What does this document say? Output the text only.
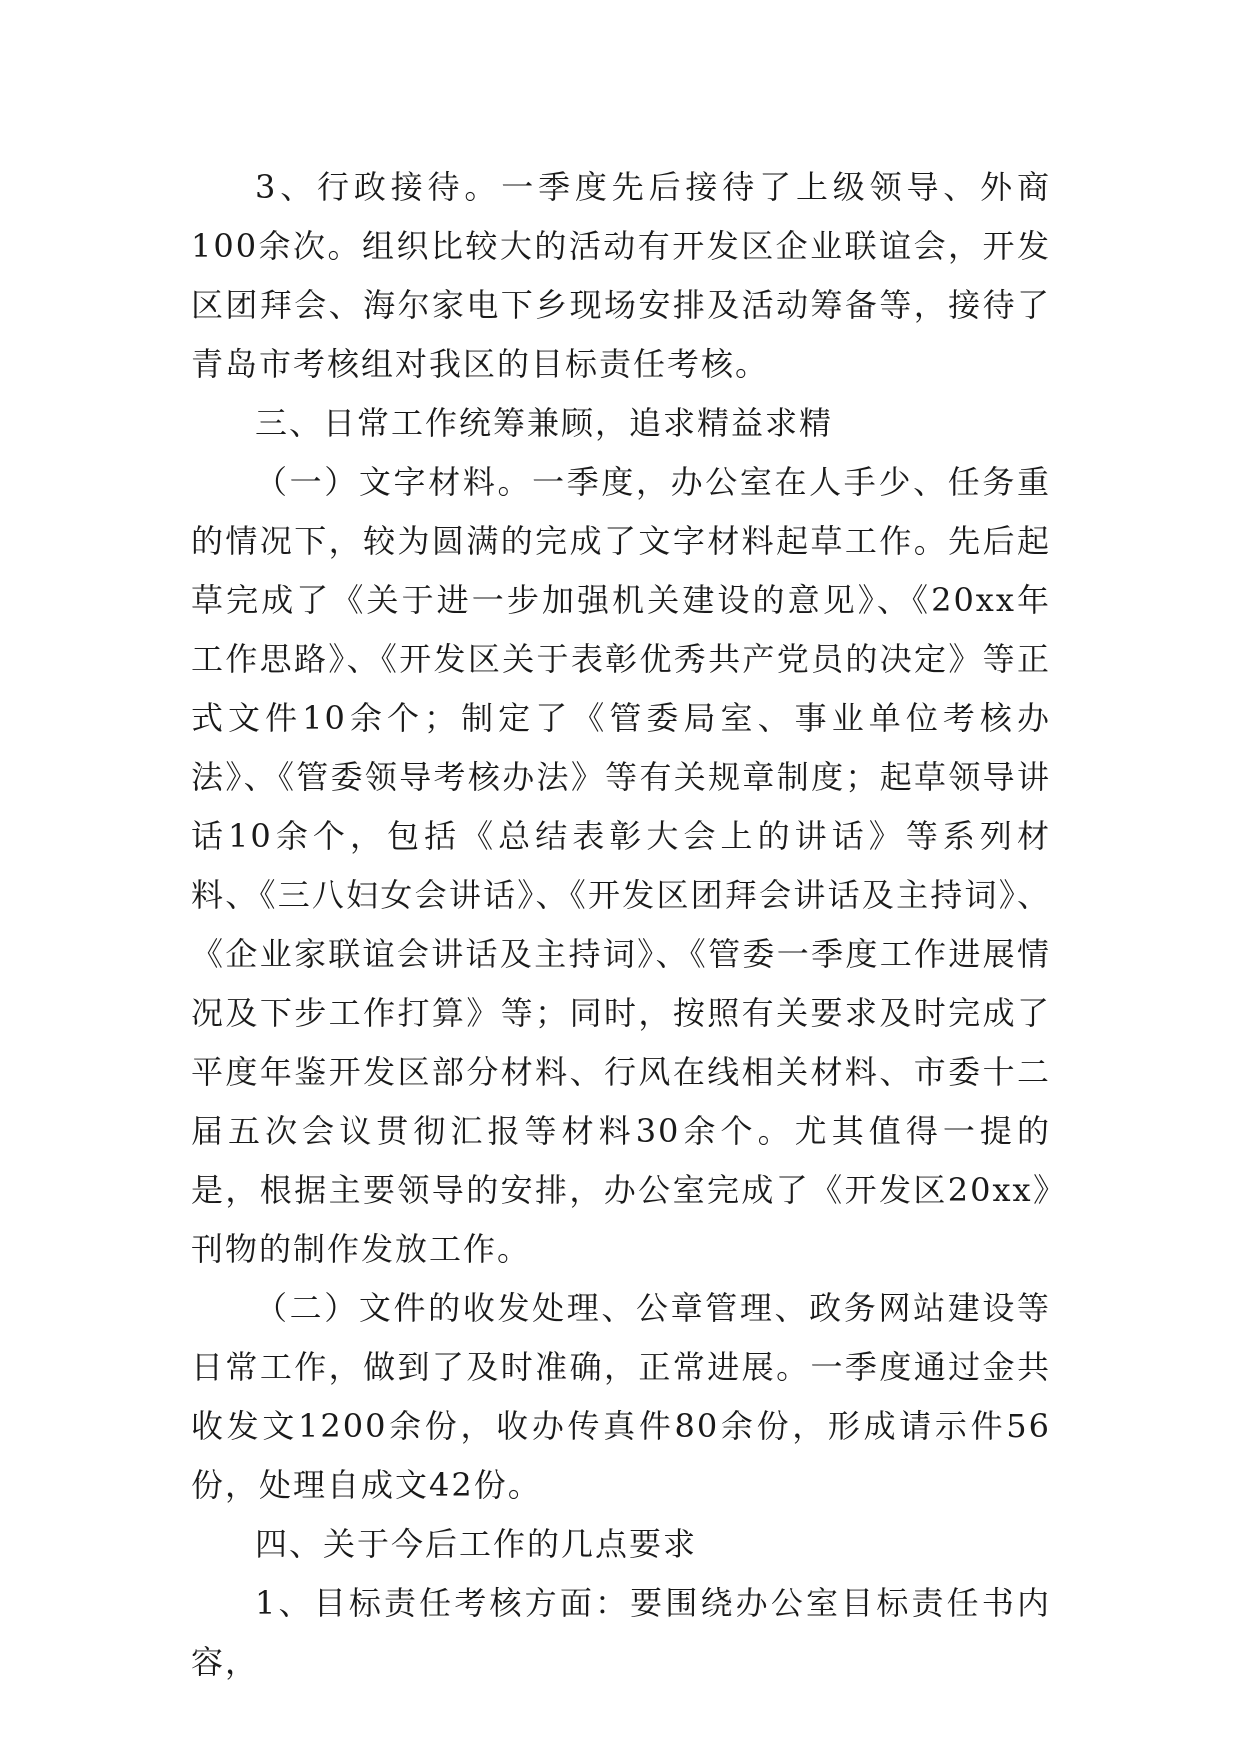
3、行政接待。一季度先后接待了上级领导、外商100余次。组织比较大的活动有开发区企业联谊会，开发区团拜会、海尔家电下乡现场安排及活动筹备等，接待了青岛市考核组对我区的目标责任考核。

三、日常工作统筹兼顾，追求精益求精

（一）文字材料。一季度，办公室在人手少、任务重的情况下，较为圆满的完成了文字材料起草工作。先后起草完成了《关于进一步加强机关建设的意见》、《20xx年工作思路》、《开发区关于表彰优秀共产党员的决定》等正式文件10余个；制定了《管委局室、事业单位考核办法》、《管委领导考核办法》等有关规章制度；起草领导讲话10余个，包括《总结表彰大会上的讲话》等系列材料、《三八妇女会讲话》、《开发区团拜会讲话及主持词》、《企业家联谊会讲话及主持词》、《管委一季度工作进展情况及下步工作打算》等；同时，按照有关要求及时完成了平度年鉴开发区部分材料、行风在线相关材料、市委十二届五次会议贯彻汇报等材料30余个。尤其值得一提的是，根据主要领导的安排，办公室完成了《开发区20xx》刊物的制作发放工作。

（二）文件的收发处理、公章管理、政务网站建设等日常工作，做到了及时准确，正常进展。一季度通过金共收发文1200余份，收办传真件80余份，形成请示件56份，处理自成文42份。

四、关于今后工作的几点要求

1、目标责任考核方面：要围绕办公室目标责任书内容，
